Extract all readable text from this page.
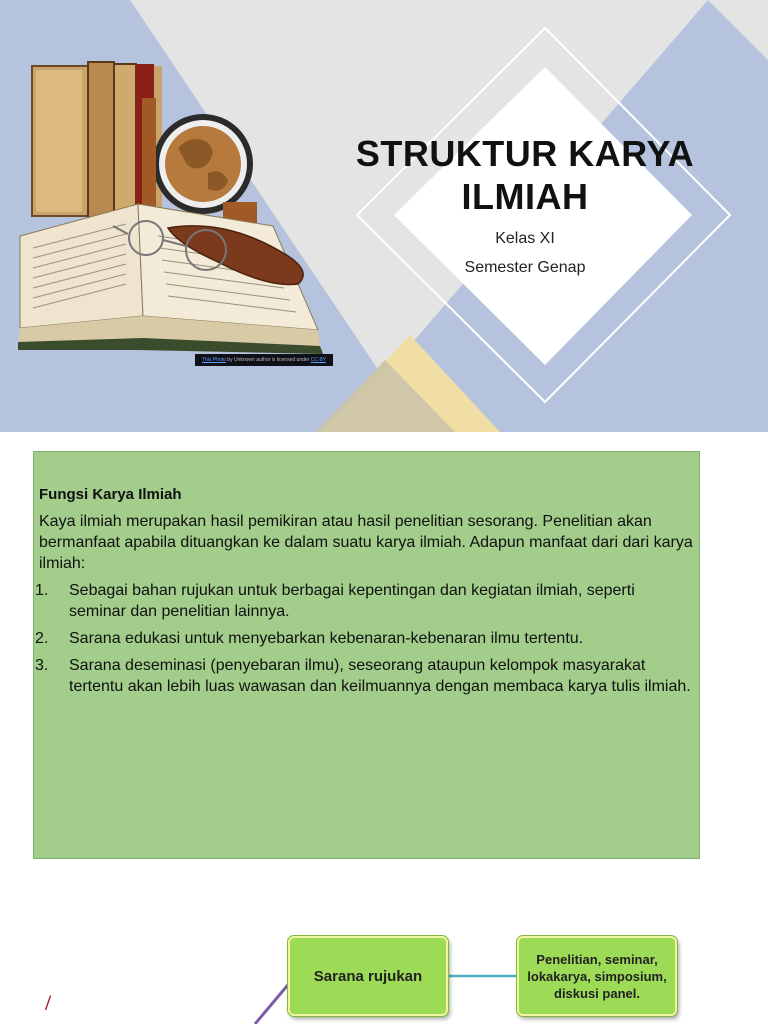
This Photo by Unknown author is licensed under CC BY
STRUKTUR KARYA ILMIAH
Kelas XI
Semester Genap
Fungsi Karya Ilmiah

Kaya ilmiah merupakan hasil pemikiran atau hasil penelitian sesorang. Penelitian akan bermanfaat apabila dituangkan ke dalam suatu karya ilmiah. Adapun manfaat dari dari karya ilmiah:

1. Sebagai bahan rujukan untuk berbagai kepentingan dan kegiatan ilmiah, seperti seminar dan penelitian lainnya.
2. Sarana edukasi untuk menyebarkan kebenaran-kebenaran ilmu tertentu.
3. Sarana deseminasi (penyebaran ilmu), seseorang ataupun kelompok masyarakat tertentu akan lebih luas wawasan dan keilmuannya dengan membaca karya tulis ilmiah.
/
Sarana rujukan
Penelitian, seminar, lokakarya, simposium, diskusi panel.
